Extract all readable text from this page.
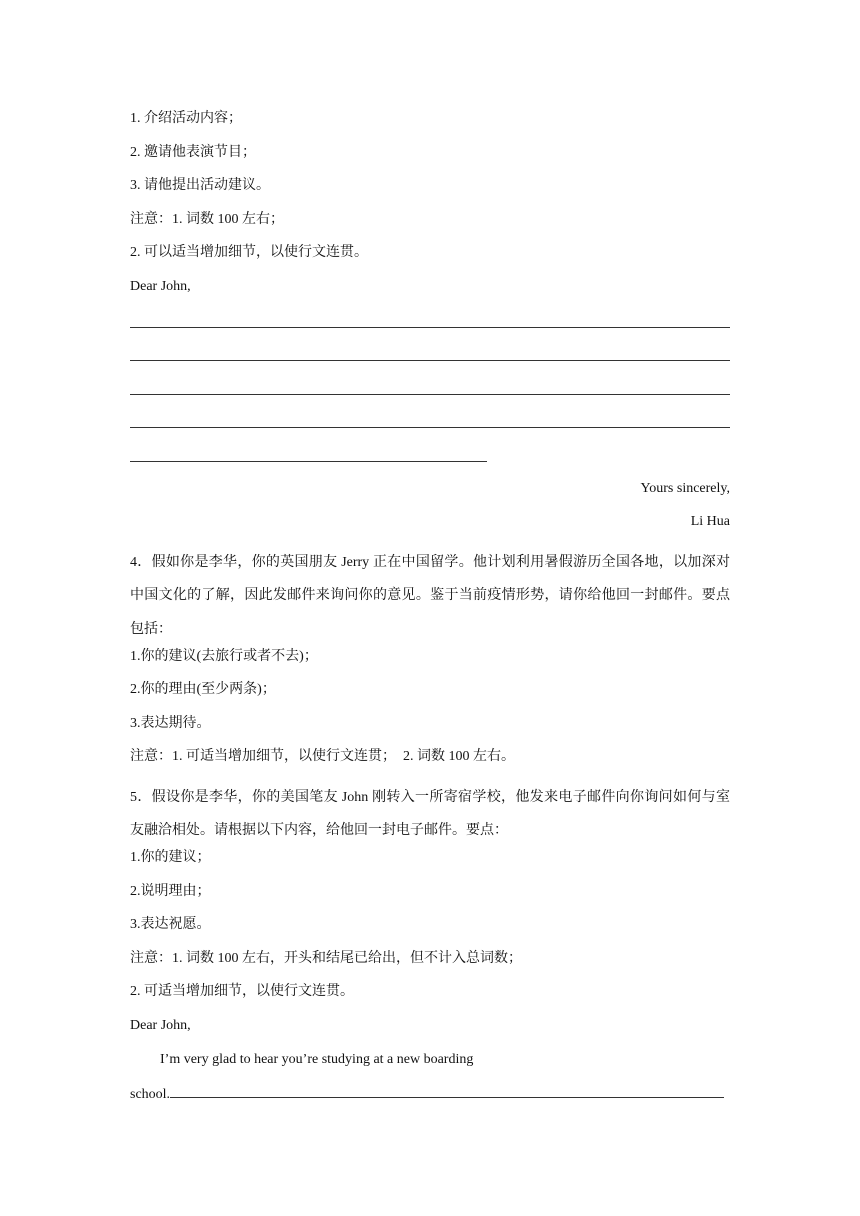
1. 介绍活动内容；
2. 邀请他表演节目；
3. 请他提出活动建议。
注意：1. 词数 100 左右；
2. 可以适当增加细节，以使行文连贯。
Dear John,
Yours sincerely,
Li Hua
4．假如你是李华，你的英国朋友 Jerry 正在中国留学。他计划利用暑假游历全国各地，以加深对中国文化的了解，因此发邮件来询问你的意见。鉴于当前疫情形势，请你给他回一封邮件。要点包括：
1.你的建议(去旅行或者不去)；
2.你的理由(至少两条)；
3.表达期待。
注意：1. 可适当增加细节，以使行文连贯；　2. 词数 100 左右。
5．假设你是李华，你的美国笔友 John 刚转入一所寄宿学校，他发来电子邮件向你询问如何与室友融洽相处。请根据以下内容，给他回一封电子邮件。要点：
1.你的建议；
2.说明理由；
3.表达祝愿。
注意：1. 词数 100 左右，开头和结尾已给出，但不计入总词数；
2. 可适当增加细节，以使行文连贯。
Dear John,
I’m very glad to hear you’re studying at a new boarding
school.
